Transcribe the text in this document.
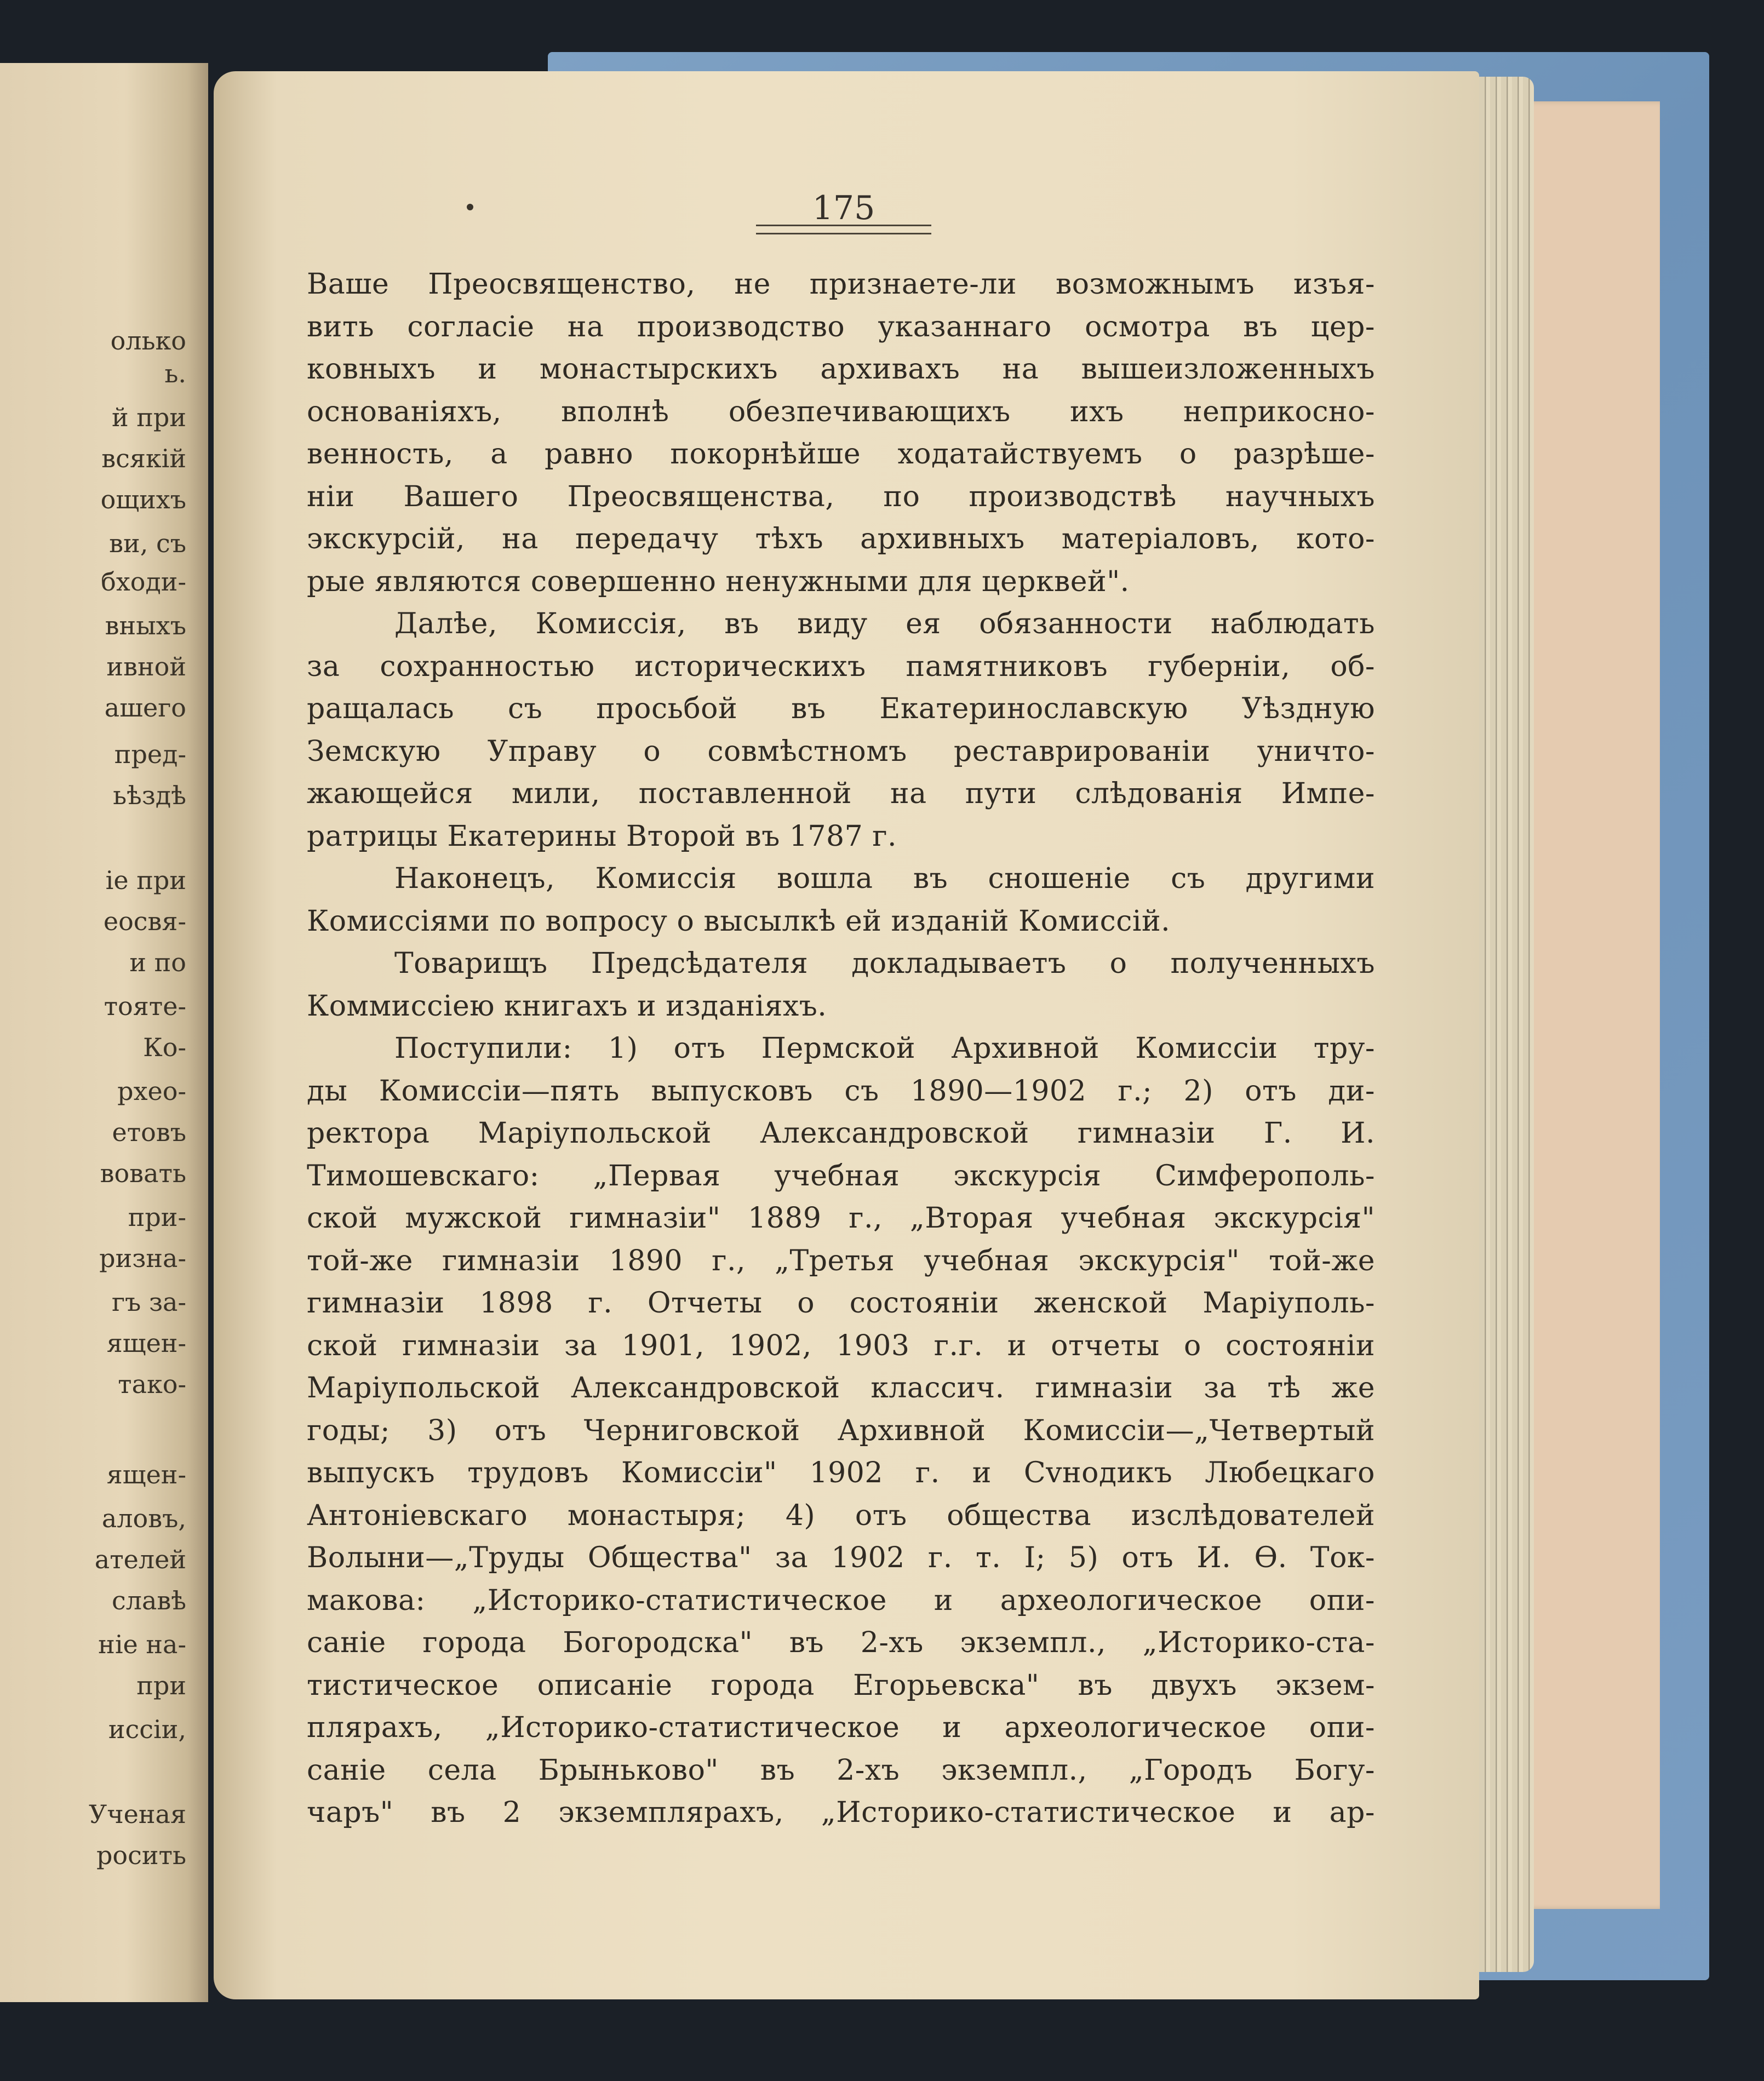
олько
ь.
й при
всякій
ощихъ
ви, съ
бходи-
вныхъ
ивной
ашего
пред-
ьѣздѣ
іе при
еосвя-
и по
тояте-
Ко-
рхео-
етовъ
вовать
при-
ризна-
гъ за-
ящен-
тако-
ящен-
аловъ,
ателей
славѣ
ніе на-
при
иссіи,
Ученая
росить
175
Ваше Преосвященство, не признаете-ли возможнымъ изъя-
вить согласіе на производство указаннаго осмотра въ цер-
ковныхъ и монастырскихъ архивахъ на вышеизложенныхъ
основаніяхъ, вполнѣ обезпечивающихъ ихъ неприкосно-
венность, а равно покорнѣйше ходатайствуемъ о разрѣше-
ніи Вашего Преосвященства, по производствѣ научныхъ
экскурсій, на передачу тѣхъ архивныхъ матеріаловъ, кото-
рые являются совершенно ненужными для церквей".
Далѣе, Комиссія, въ виду ея обязанности наблюдать
за сохранностью историческихъ памятниковъ губерніи, об-
ращалась съ просьбой въ Екатеринославскую Уѣздную
Земскую Управу о совмѣстномъ реставрированіи уничто-
жающейся мили, поставленной на пути слѣдованія Импе-
ратрицы Екатерины Второй въ 1787 г.
Наконецъ, Комиссія вошла въ сношеніе съ другими
Комиссіями по вопросу о высылкѣ ей изданій Комиссій.
Товарищъ Предсѣдателя докладываетъ о полученныхъ
Коммиссіею книгахъ и изданіяхъ.
Поступили: 1) отъ Пермской Архивной Комиссіи тру-
ды Комиссіи—пять выпусковъ съ 1890—1902 г.; 2) отъ ди-
ректора Маріупольской Александровской гимназіи Г. И.
Тимошевскаго: „Первая учебная экскурсія Симферополь-
ской мужской гимназіи" 1889 г., „Вторая учебная экскурсія"
той-же гимназіи 1890 г., „Третья учебная экскурсія" той-же
гимназіи 1898 г. Отчеты о состояніи женской Маріуполь-
ской гимназіи за 1901, 1902, 1903 г.г. и отчеты о состояніи
Маріупольской Александровской классич. гимназіи за тѣ же
годы; 3) отъ Черниговской Архивной Комиссіи—„Четвертый
выпускъ трудовъ Комиссіи" 1902 г. и Сvнодикъ Любецкаго
Антоніевскаго монастыря; 4) отъ общества изслѣдователей
Волыни—„Труды Общества" за 1902 г. т. I; 5) отъ И. Ѳ. Ток-
макова: „Историко-статистическое и археологическое опи-
саніе города Богородска" въ 2-хъ экземпл., „Историко-ста-
тистическое описаніе города Егорьевска" въ двухъ экзем-
плярахъ, „Историко-статистическое и археологическое опи-
саніе села Брыньково" въ 2-хъ экземпл., „Городъ Богу-
чаръ" въ 2 экземплярахъ, „Историко-статистическое и ар-
